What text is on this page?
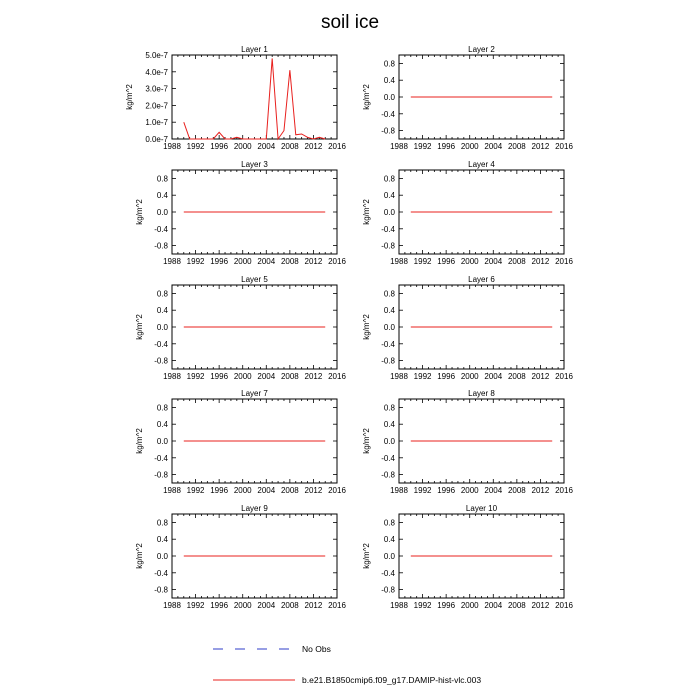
soil ice
Layer 1
kg/m^2
1988 1992 1996 2000 2004 2008 2012 2016
0.0e-7
1.0e-7
2.0e-7
3.0e-7
4.0e-7
5.0e-7
Layer 2
kg/m^2
1988 1992 1996 2000 2004 2008 2012 2016
-0.8
-0.4
0.0
0.4
0.8
Layer 3
kg/m^2
1988 1992 1996 2000 2004 2008 2012 2016
-0.8
-0.4
0.0
0.4
0.8
Layer 4
kg/m^2
1988 1992 1996 2000 2004 2008 2012 2016
-0.8
-0.4
0.0
0.4
0.8
Layer 5
kg/m^2
1988 1992 1996 2000 2004 2008 2012 2016
-0.8
-0.4
0.0
0.4
0.8
Layer 6
kg/m^2
1988 1992 1996 2000 2004 2008 2012 2016
-0.8
-0.4
0.0
0.4
0.8
Layer 7
kg/m^2
1988 1992 1996 2000 2004 2008 2012 2016
-0.8
-0.4
0.0
0.4
0.8
Layer 8
kg/m^2
1988 1992 1996 2000 2004 2008 2012 2016
-0.8
-0.4
0.0
0.4
0.8
Layer 9
kg/m^2
1988 1992 1996 2000 2004 2008 2012 2016
-0.8
-0.4
0.0
0.4
0.8
Layer 10
kg/m^2
1988 1992 1996 2000 2004 2008 2012 2016
-0.8
-0.4
0.0
0.4
0.8
No Obs
b.e21.B1850cmip6.f09_g17.DAMIP-hist-vlc.003
